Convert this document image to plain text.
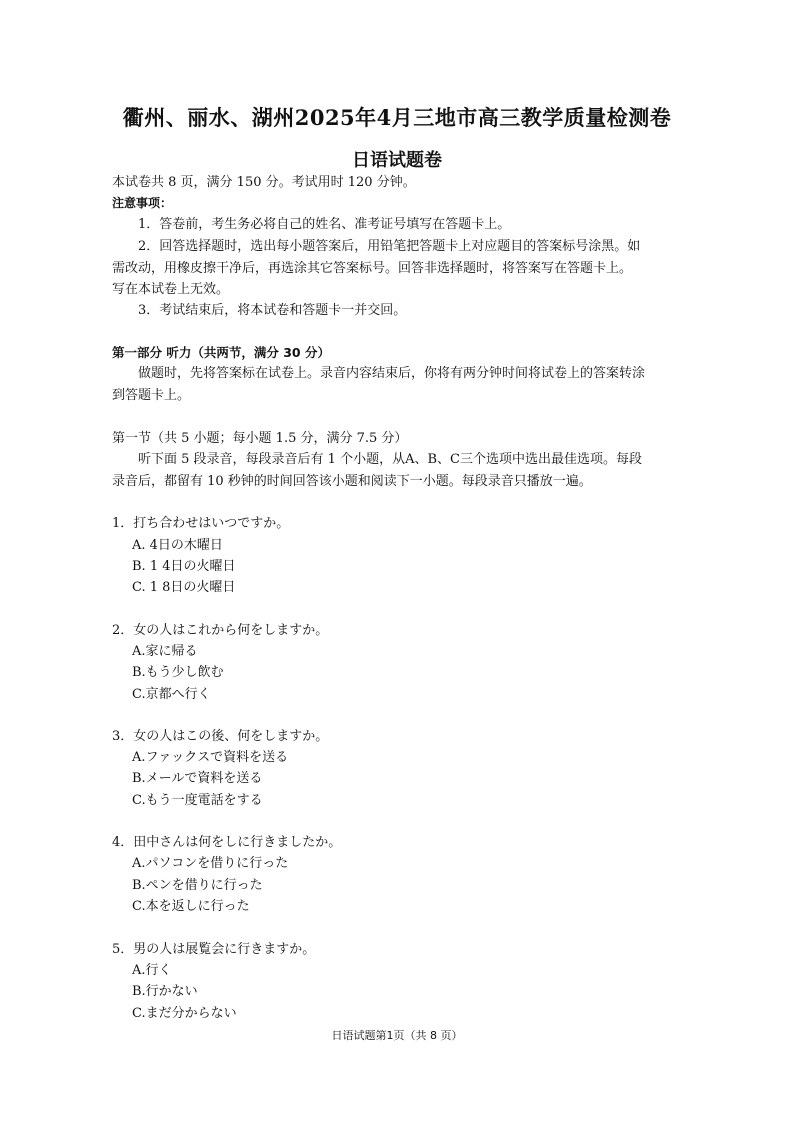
衢州、丽水、湖州2025年4月三地市高三教学质量检测卷
日语试题卷
本试卷共 8 页，满分 150 分。考试用时 120 分钟。
注意事项：
1．答卷前，考生务必将自己的姓名、准考证号填写在答题卡上。
2．回答选择题时，选出每小题答案后，用铅笔把答题卡上对应题目的答案标号涂黑。如
需改动，用橡皮擦干净后，再选涂其它答案标号。回答非选择题时，将答案写在答题卡上。
写在本试卷上无效。
3．考试结束后，将本试卷和答题卡一并交回。
第一部分 听力（共两节，满分 30 分）
做题时，先将答案标在试卷上。录音内容结束后，你将有两分钟时间将试卷上的答案转涂
到答题卡上。
第一节（共 5 小题；每小题 1.5 分，满分 7.5 分）
听下面 5 段录音，每段录音后有 1 个小题，从A、B、C三个选项中选出最佳选项。每段
录音后，都留有 10 秒钟的时间回答该小题和阅读下一小题。每段录音只播放一遍。
1．打ち合わせはいつですか。
A. 4日の木曜日
B. 1 4日の火曜日
C. 1 8日の火曜日
2．女の人はこれから何をしますか。
A.家に帰る
B.もう少し飲む
C.京都へ行く
3．女の人はこの後、何をしますか。
A.ファックスで資料を送る
B.メールで資料を送る
C.もう一度電話をする
4．田中さんは何をしに行きましたか。
A.パソコンを借りに行った
B.ペンを借りに行った
C.本を返しに行った
5．男の人は展覧会に行きますか。
A.行く
B.行かない
C.まだ分からない
日语试题第1页（共 8 页）
